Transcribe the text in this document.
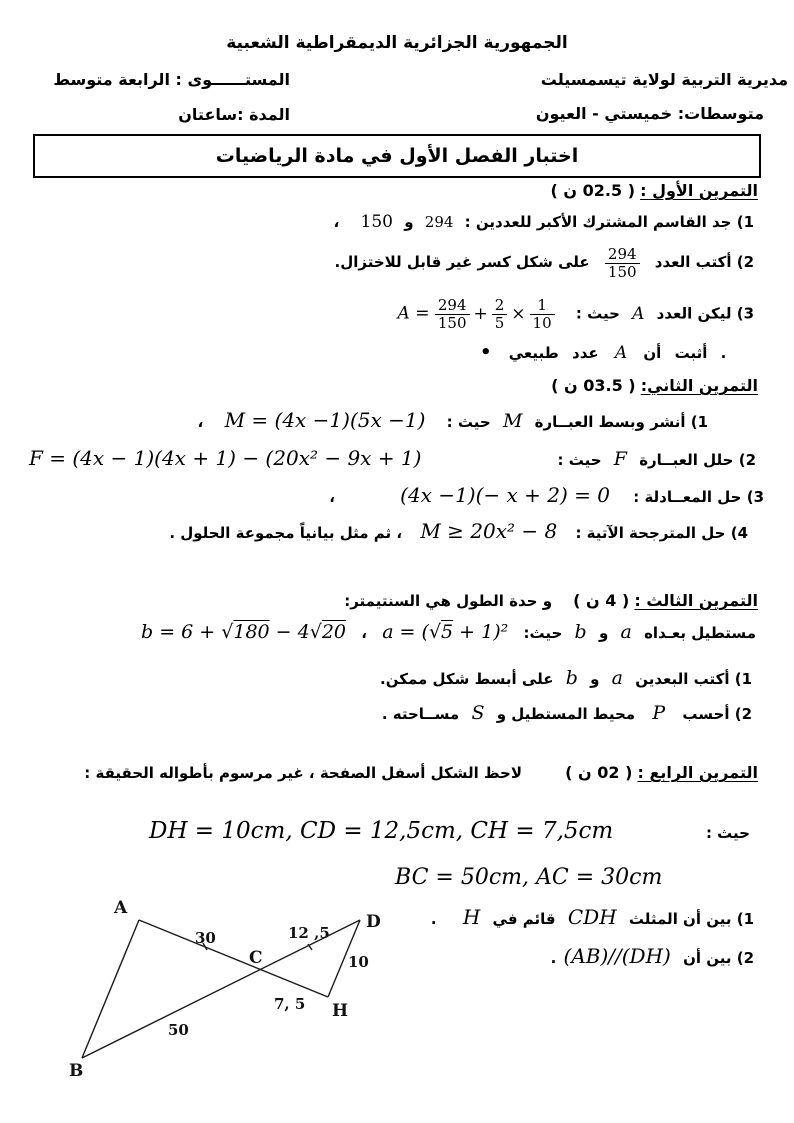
الجمهورية الجزائرية الديمقراطية الشعبية
مديرية التربية لولاية تيسمسيلت
المستــــــوى : الرابعة متوسط
متوسطات: خميستي - العيون
المدة :ساعتان
اختبار الفصل الأول في مادة الرياضيات
التمرين الأول : ( 02.5 ن )
1) جد القاسم المشترك الأكبر للعددين : 294 و 150 ،
2) أكتب العدد
$\frac{294}{150}$
على شكل كسر غير قابل للاختزال.
3) ليكن العدد A حيث : $A = \frac{294}{150} + \frac{2}{5} \times \frac{1}{10}$
•	أثبت أن A عدد طبيعي	.
التمرين الثاني: ( 03.5 ن )
1) أنشر وبسط العبــارة M حيث : M = (4x −1)(5x −1) ،
2) حلل العبــارة F حيث :
F = (4x − 1)(4x + 1) − (20x² − 9x + 1)
3) حل المعــادلة : (4x −1)(− x + 2) = 0 ،
4) حل المترجحة الآتية : M ≥ 20x² − 8 ، ثم مثل بيانياً مجموعة الحلول .
التمرين الثالث : ( 4 ن ) و حدة الطول هي السنتيمتر:
مستطيل بعـداه a و b حيث: a = (√5 + 1)² ، b = 6 + √180 − 4√20
1) أكتب البعدين a و b على أبسط شكل ممكن.
2) أحسب P محيط المستطيل و S مســاحته .
التمرين الرابع : ( 02 ن ) لاحظ الشكل أسفل الصفحة ، غير مرسوم بأطواله الحقيقة :
حيث :
DH = 10cm, CD = 12,5cm, CH = 7,5cm
BC = 50cm, AC = 30cm
1) بين أن المثلث CDH قائم في H .
2) بين أن (AB)//(DH) .
A
B
D
H
C
30	12 ,5
10
7, 5
50
